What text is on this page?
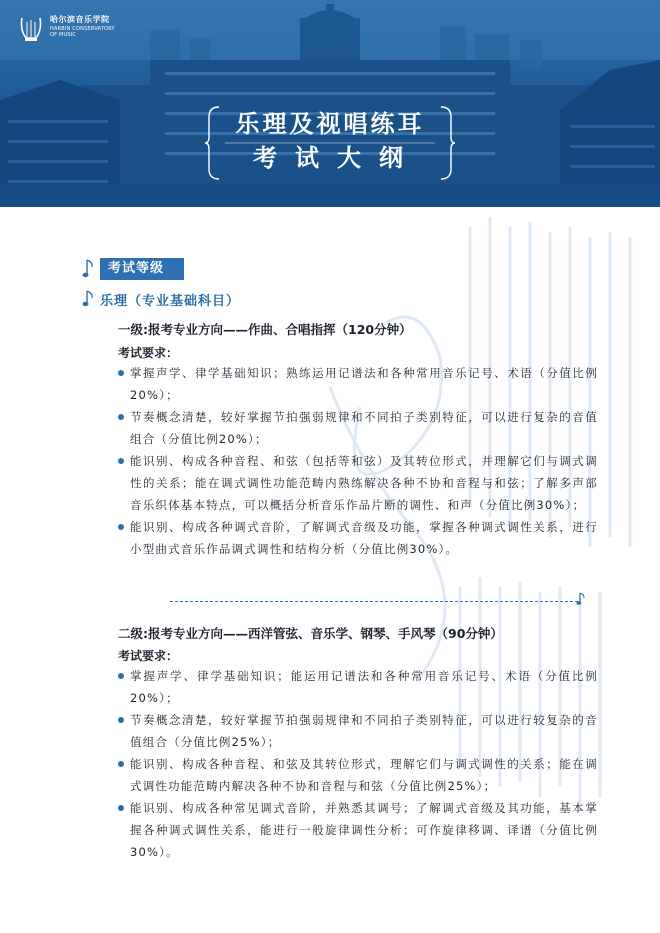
哈尔滨音乐学院
HARBIN CONSERVATORY
OF MUSIC
乐理及视唱练耳
考试大纲
考试等级
乐理（专业基础科目）
一级:报考专业方向——作曲、合唱指挥（120分钟）
考试要求：
掌握声学、律学基础知识；熟练运用记谱法和各种常用音乐记号、术语（分值比例20%）；
节奏概念清楚，较好掌握节拍强弱规律和不同拍子类别特征，可以进行复杂的音值组合（分值比例20%）；
能识别、构成各种音程、和弦（包括等和弦）及其转位形式，并理解它们与调式调性的关系；能在调式调性功能范畴内熟练解决各种不协和音程与和弦；了解多声部音乐织体基本特点，可以概括分析音乐作品片断的调性、和声（分值比例30%）；
能识别、构成各种调式音阶，了解调式音级及功能，掌握各种调式调性关系，进行小型曲式音乐作品调式调性和结构分析（分值比例30%）。
二级:报考专业方向——西洋管弦、音乐学、钢琴、手风琴（90分钟）
考试要求：
掌握声学、律学基础知识；能运用记谱法和各种常用音乐记号、术语（分值比例20%）；
节奏概念清楚，较好掌握节拍强弱规律和不同拍子类别特征，可以进行较复杂的音值组合（分值比例25%）；
能识别、构成各种音程、和弦及其转位形式，理解它们与调式调性的关系；能在调式调性功能范畴内解决各种不协和音程与和弦（分值比例25%）；
能识别、构成各种常见调式音阶，并熟悉其调号；了解调式音级及其功能，基本掌握各种调式调性关系，能进行一般旋律调性分析；可作旋律移调、译谱（分值比例30%）。
